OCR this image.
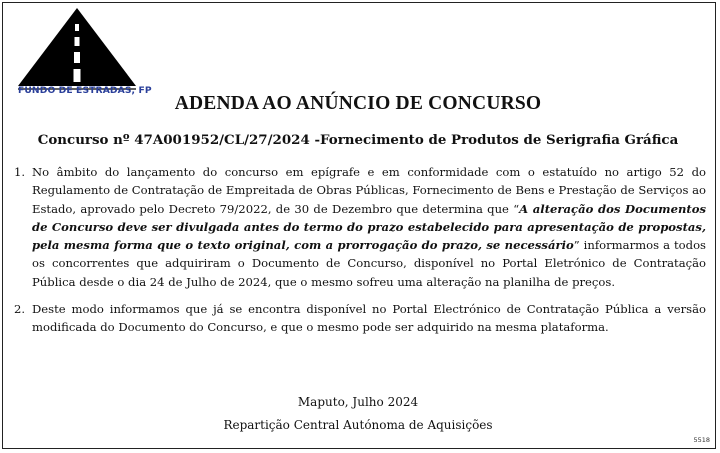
FUNDO DE ESTRADAS, FP
ADENDA AO ANÚNCIO DE CONCURSO
Concurso nº 47A001952/CL/27/2024 -Fornecimento de Produtos de Serigrafia Gráfica
1. No âmbito do lançamento do concurso em epígrafe e em conformidade com o estatuído no artigo 52 do Regulamento de Contratação de Empreitada de Obras Públicas, Fornecimento de Bens e Prestação de Serviços ao Estado, aprovado pelo Decreto 79/2022, de 30 de Dezembro que determina que “A alteração dos Documentos de Concurso deve ser divulgada antes do termo do prazo estabelecido para apresentação de propostas, pela mesma forma que o texto original, com a prorrogação do prazo, se necessário” informarmos a todos os concorrentes que adquiriram o Documento de Concurso, disponível no Portal Eletrónico de Contratação Pública desde o dia 24 de Julho de 2024, que o mesmo sofreu uma alteração na planilha de preços.
2. Deste modo informamos que já se encontra disponível no Portal Electrónico de Contratação Pública a versão modificada do Documento do Concurso, e que o mesmo pode ser adquirido na mesma plataforma.
Maputo, Julho 2024
Repartição Central Autónoma de Aquisições
5518
